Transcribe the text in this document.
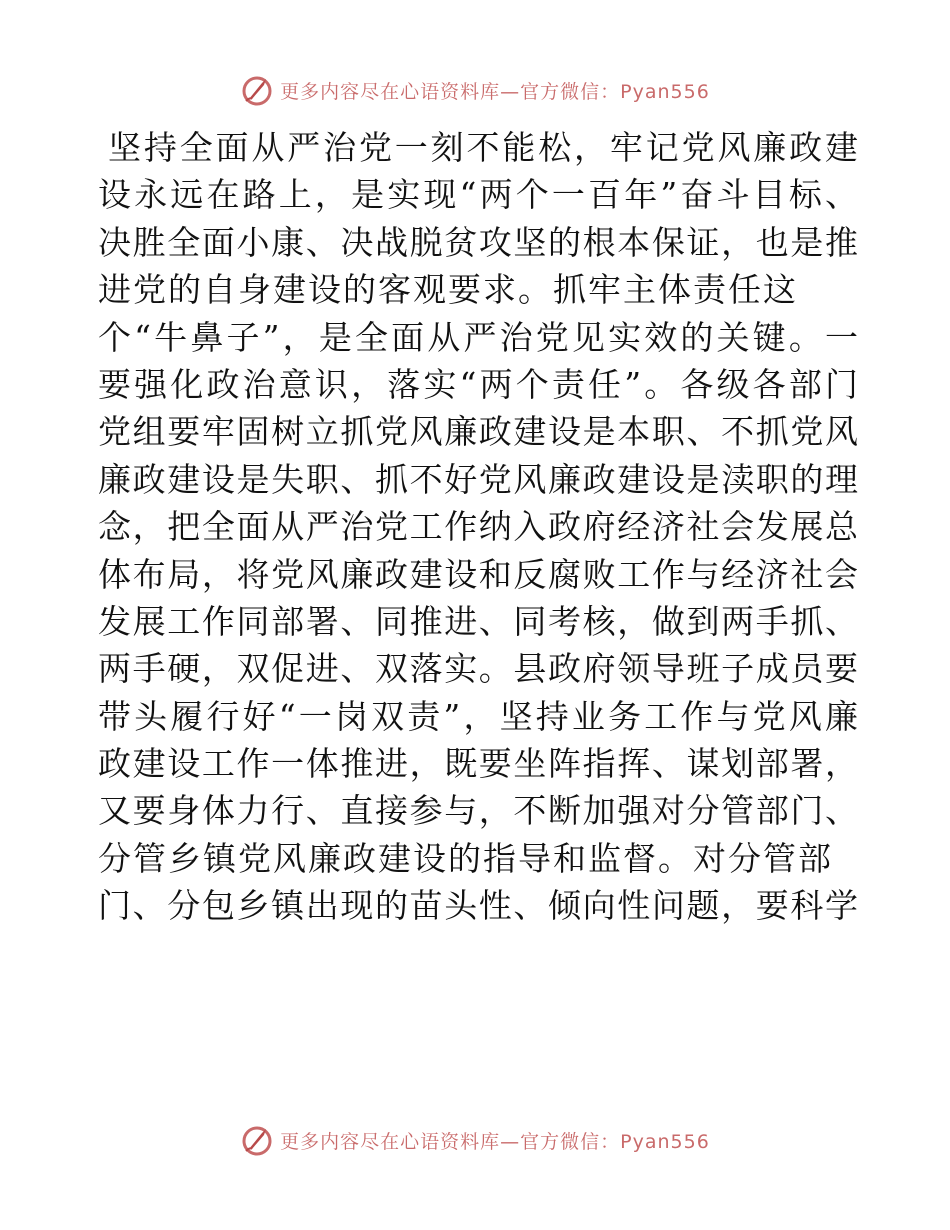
更多内容尽在心语资料库—官方微信：Pyan556
坚持全面从严治党一刻不能松，牢记党风廉政建
设永远在路上，是实现“两个一百年”奋斗目标、
决胜全面小康、决战脱贫攻坚的根本保证，也是推
进党的自身建设的客观要求。抓牢主体责任这
个“牛鼻子”，是全面从严治党见实效的关键。一
要强化政治意识，落实“两个责任”。各级各部门
党组要牢固树立抓党风廉政建设是本职、不抓党风
廉政建设是失职、抓不好党风廉政建设是渎职的理
念，把全面从严治党工作纳入政府经济社会发展总
体布局，将党风廉政建设和反腐败工作与经济社会
发展工作同部署、同推进、同考核，做到两手抓、
两手硬，双促进、双落实。县政府领导班子成员要
带头履行好“一岗双责”，坚持业务工作与党风廉
政建设工作一体推进，既要坐阵指挥、谋划部署，
又要身体力行、直接参与，不断加强对分管部门、
分管乡镇党风廉政建设的指导和监督。对分管部
门、分包乡镇出现的苗头性、倾向性问题，要科学
更多内容尽在心语资料库—官方微信：Pyan556
